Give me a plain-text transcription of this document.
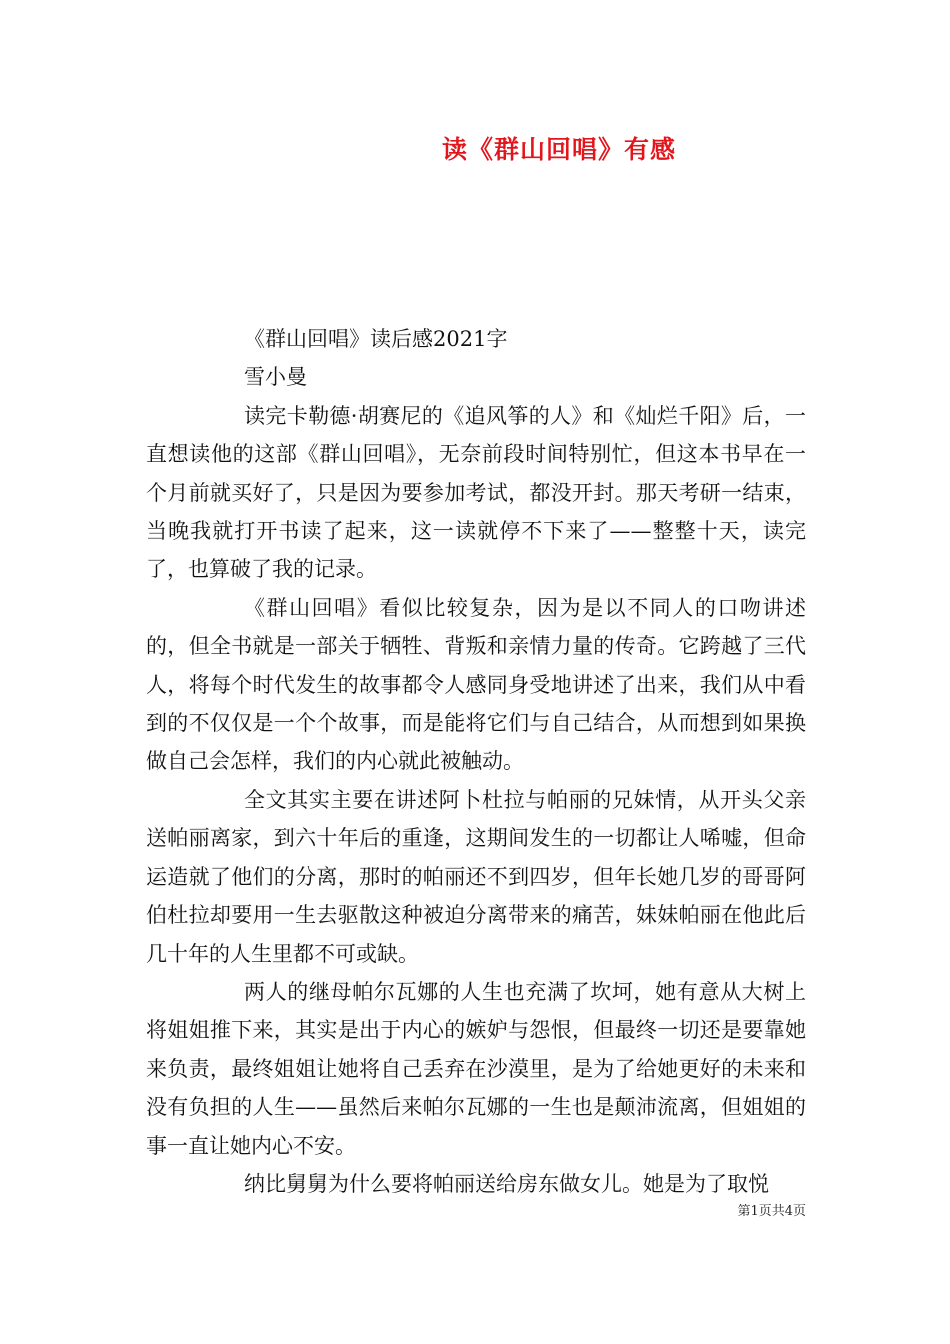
读《群山回唱》有感

《群山回唱》读后感2021字

雪小曼

读完卡勒德·胡赛尼的《追风筝的人》和《灿烂千阳》后，一直想读他的这部《群山回唱》，无奈前段时间特别忙，但这本书早在一个月前就买好了，只是因为要参加考试，都没开封。那天考研一结束，当晚我就打开书读了起来，这一读就停不下来了——整整十天，读完了，也算破了我的记录。

《群山回唱》看似比较复杂，因为是以不同人的口吻讲述的，但全书就是一部关于牺牲、背叛和亲情力量的传奇。它跨越了三代人，将每个时代发生的故事都令人感同身受地讲述了出来，我们从中看到的不仅仅是一个个故事，而是能将它们与自己结合，从而想到如果换做自己会怎样，我们的内心就此被触动。

全文其实主要在讲述阿卜杜拉与帕丽的兄妹情，从开头父亲送帕丽离家，到六十年后的重逢，这期间发生的一切都让人唏嘘，但命运造就了他们的分离，那时的帕丽还不到四岁，但年长她几岁的哥哥阿伯杜拉却要用一生去驱散这种被迫分离带来的痛苦，妹妹帕丽在他此后几十年的人生里都不可或缺。

两人的继母帕尔瓦娜的人生也充满了坎坷，她有意从大树上将姐姐推下来，其实是出于内心的嫉妒与怨恨，但最终一切还是要靠她来负责，最终姐姐让她将自己丢弃在沙漠里，是为了给她更好的未来和没有负担的人生——虽然后来帕尔瓦娜的一生也是颠沛流离，但姐姐的事一直让她内心不安。

纳比舅舅为什么要将帕丽送给房东做女儿。她是为了取悦

第1页共4页
